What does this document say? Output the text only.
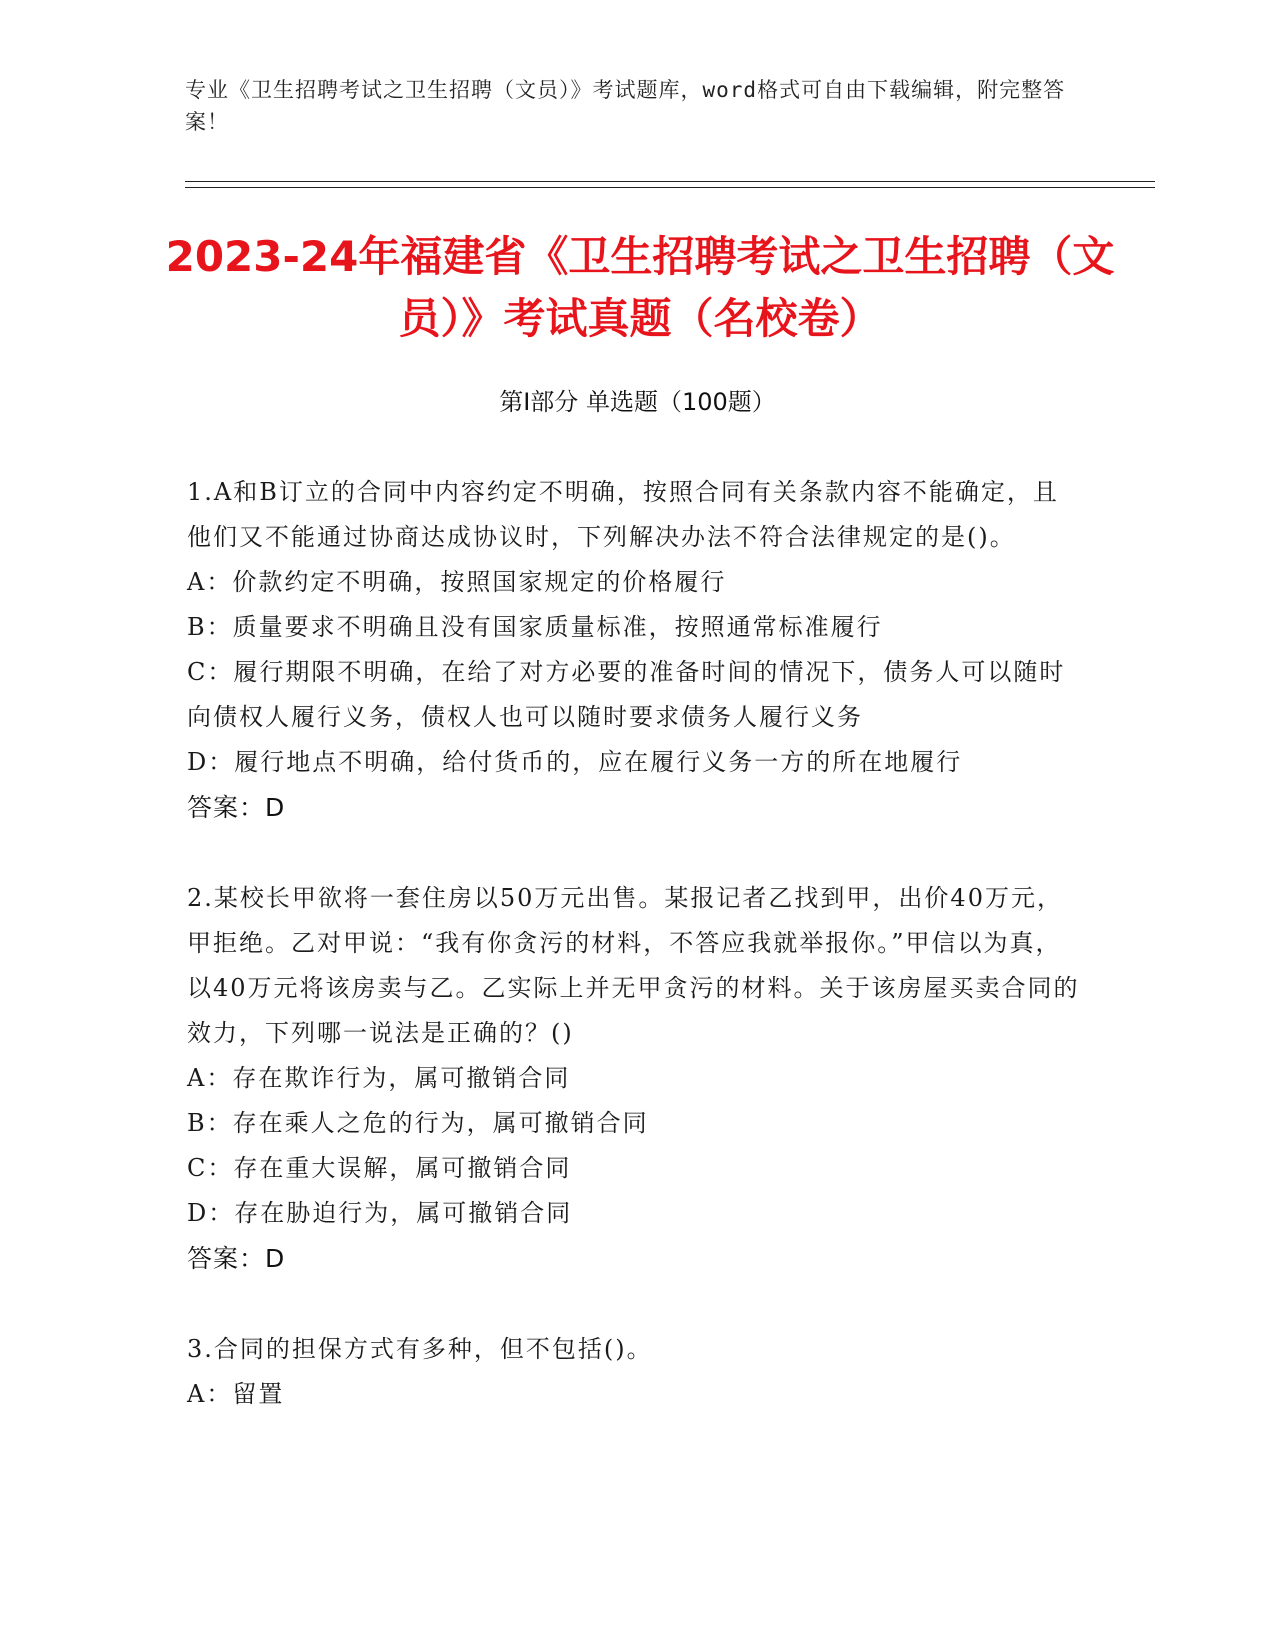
专业《卫生招聘考试之卫生招聘（文员）》考试题库，word格式可自由下载编辑，附完整答案！
2023-24年福建省《卫生招聘考试之卫生招聘（文员）》考试真题（名校卷）
第I部分 单选题（100题）
1.A和B订立的合同中内容约定不明确，按照合同有关条款内容不能确定，且他们又不能通过协商达成协议时，下列解决办法不符合法律规定的是()。
A：价款约定不明确，按照国家规定的价格履行
B：质量要求不明确且没有国家质量标准，按照通常标准履行
C：履行期限不明确，在给了对方必要的准备时间的情况下，债务人可以随时向债权人履行义务，债权人也可以随时要求债务人履行义务
D：履行地点不明确，给付货币的，应在履行义务一方的所在地履行
答案：D
2.某校长甲欲将一套住房以50万元出售。某报记者乙找到甲，出价40万元，甲拒绝。乙对甲说：“我有你贪污的材料，不答应我就举报你。”甲信以为真，以40万元将该房卖与乙。乙实际上并无甲贪污的材料。关于该房屋买卖合同的效力，下列哪一说法是正确的？()
A：存在欺诈行为，属可撤销合同
B：存在乘人之危的行为，属可撤销合同
C：存在重大误解，属可撤销合同
D：存在胁迫行为，属可撤销合同
答案：D
3.合同的担保方式有多种，但不包括()。
A：留置
